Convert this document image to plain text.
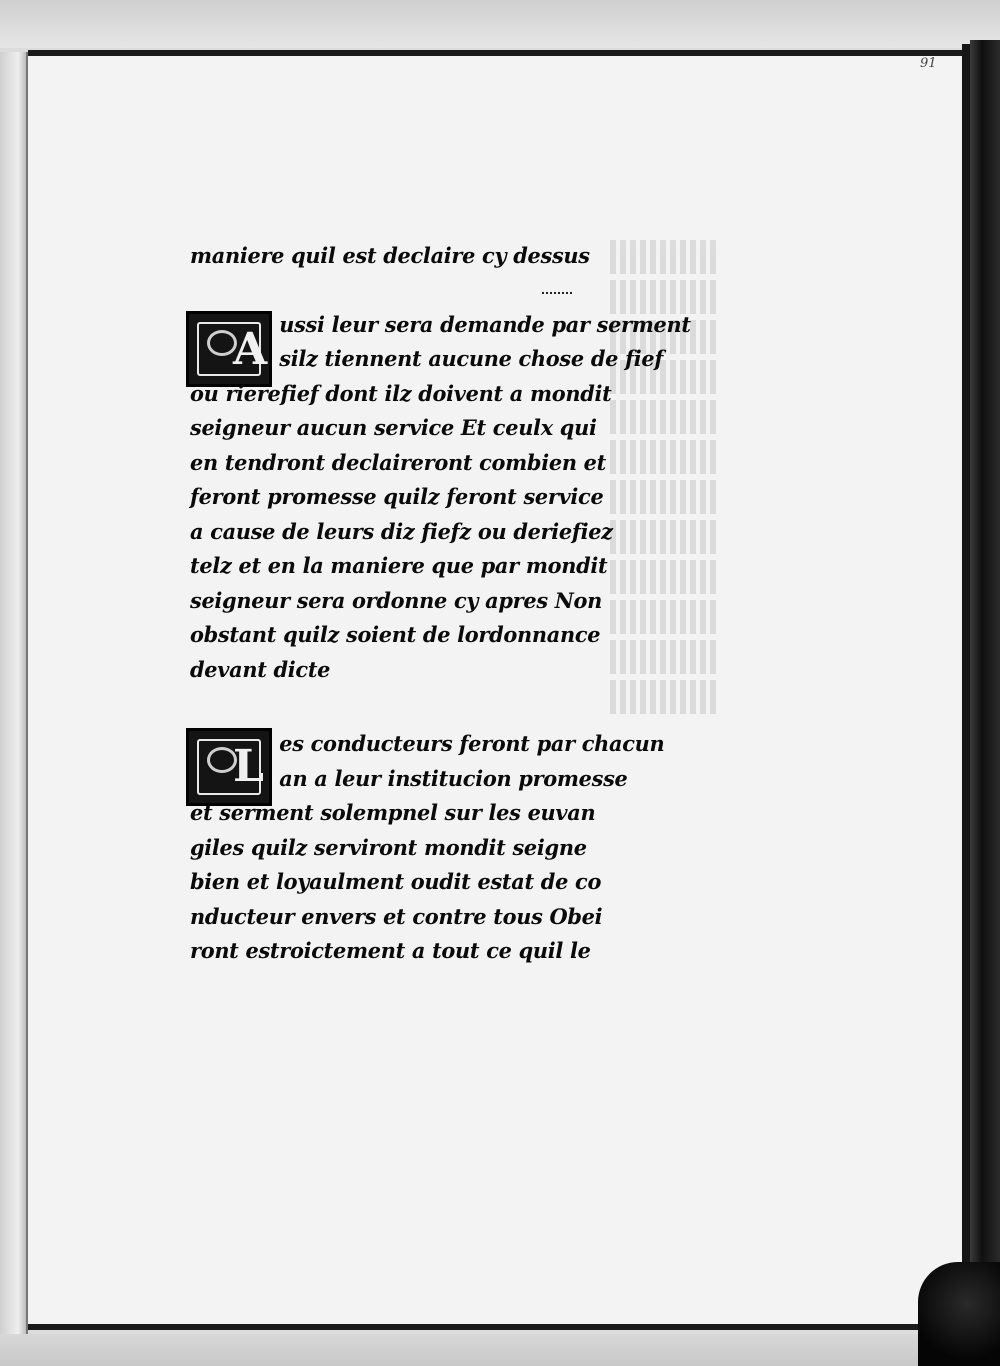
91
maniere quil est declaire cy dessus
A ussi leur sera demande par serment
silz tiennent aucune chose de fief
ou rierefief dont ilz doivent a mondit
seigneur aucun service Et ceulx qui
en tendront declaireront combien et
feront promesse quilz feront service
a cause de leurs diz fiefz ou deriefiez
telz et en la maniere que par mondit
seigneur sera ordonne cy apres Non
obstant quilz soient de lordonnance
devant dicte
L es conducteurs feront par chacun
an a leur institucion promesse
et serment solempnel sur les euvan
giles quilz serviront mondit seigne
bien et loyaulment oudit estat de co
nducteur envers et contre tous Obei
ront estroictement a tout ce quil le
